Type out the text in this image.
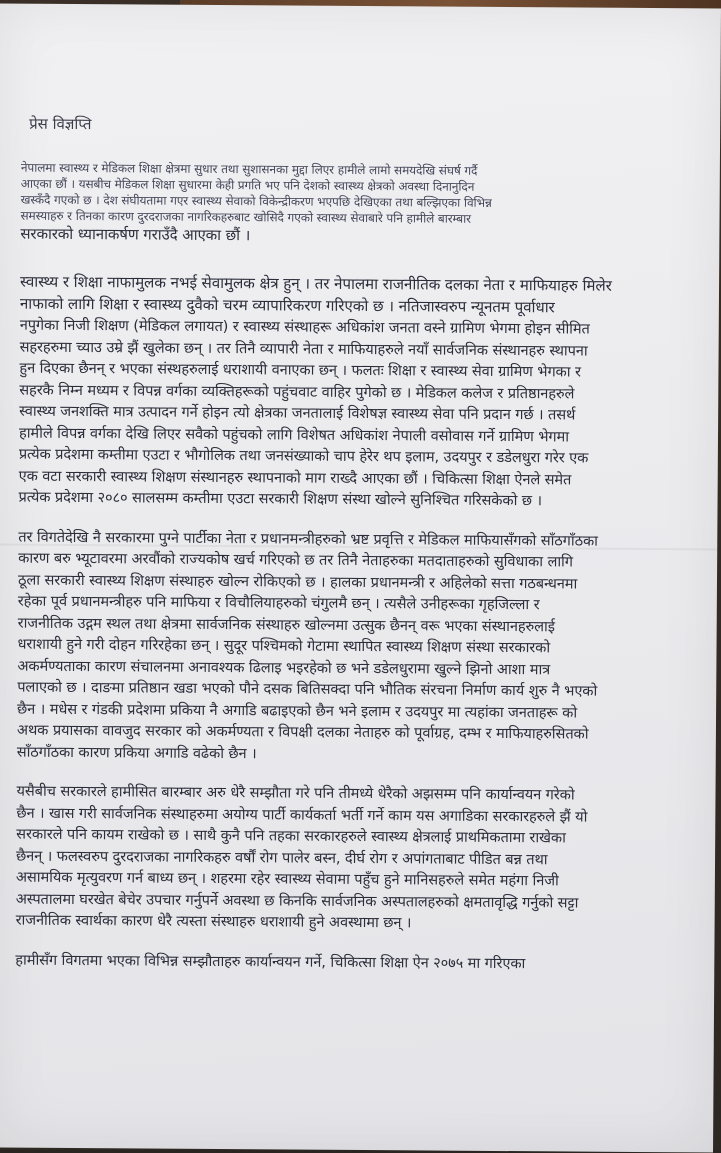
प्रेस विज्ञप्ति
नेपालमा स्वास्थ्य र मेडिकल शिक्षा क्षेत्रमा सुधार तथा सुशासनका मुद्दा लिएर हामीले लामो समयदेखि संघर्ष गर्दै
आएका छौं । यसबीच मेडिकल शिक्षा सुधारमा केही प्रगति भए पनि देशको स्वास्थ्य क्षेत्रको अवस्था दिनानुदिन
खस्कँदै गएको छ । देश संघीयतामा गएर स्वास्थ्य सेवाको विकेन्द्रीकरण भएपछि देखिएका तथा बल्झिएका विभिन्न
समस्याहरु र तिनका कारण दुरदराजका नागरिकहरुबाट खोसिदै गएको स्वास्थ्य सेवाबारे पनि हामीले बारम्बार
सरकारको ध्यानाकर्षण गराउँदै आएका छौं ।
स्वास्थ्य र शिक्षा नाफामुलक नभई सेवामुलक क्षेत्र हुन् । तर नेपालमा राजनीतिक दलका नेता र माफियाहरु मिलेर
नाफाको लागि शिक्षा र स्वास्थ्य दुवैको चरम व्यापारिकरण गरिएको छ । नतिजास्वरुप न्यूनतम पूर्वाधार
नपुगेका निजी शिक्षण (मेडिकल लगायत) र स्वास्थ्य संस्थाहरू अधिकांश जनता वस्ने ग्रामिण भेगमा होइन सीमित
सहरहरुमा च्याउ उम्रे झैं खुलेका छन् । तर तिनै व्यापारी नेता र माफियाहरुले नयाँ सार्वजनिक संस्थानहरु स्थापना
हुन दिएका छैनन् र भएका संस्थहरुलाई धराशायी वनाएका छन् । फलतः शिक्षा र स्वास्थ्य सेवा ग्रामिण भेगका र
सहरकै निम्न मध्यम र विपन्न वर्गका व्यक्तिहरूको पहुंचवाट वाहिर पुगेको छ । मेडिकल कलेज र प्रतिष्ठानहरुले
स्वास्थ्य जनशक्ति मात्र उत्पादन गर्ने होइन त्यो क्षेत्रका जनतालाई विशेषज्ञ स्वास्थ्य सेवा पनि प्रदान गर्छ । तसर्थ
हामीले विपन्न वर्गका देखि लिएर सवैको पहुंचको लागि विशेषत अधिकांश नेपाली वसोवास गर्ने ग्रामिण भेगमा
प्रत्येक प्रदेशमा कम्तीमा एउटा र भौगोलिक तथा जनसंख्याको चाप हेरेर थप इलाम, उदयपुर र डडेलधुरा गरेर एक
एक वटा सरकारी स्वास्थ्य शिक्षण संस्थानहरु स्थापनाको माग राख्दै आएका छौं । चिकित्सा शिक्षा ऐनले समेत
प्रत्येक प्रदेशमा २०८० सालसम्म कम्तीमा एउटा सरकारी शिक्षण संस्था खोल्ने सुनिश्चित गरिसकेको छ ।
तर विगतेदेखि नै सरकारमा पुग्ने पार्टीका नेता र प्रधानमन्त्रीहरुको भ्रष्ट प्रवृत्ति र मेडिकल माफियासँगको साँठगाँठका
कारण बरु भ्यूटावरमा अरवौंको राज्यकोष खर्च गरिएको छ तर तिनै नेताहरुका मतदाताहरुको सुविधाका लागि
ठूला सरकारी स्वास्थ्य शिक्षण संस्थाहरु खोल्न रोकिएको छ । हालका प्रधानमन्त्री र अहिलेको सत्ता गठबन्धनमा
रहेका पूर्व प्रधानमन्त्रीहरु पनि माफिया र विचौलियाहरुको चंगुलमै छन् । त्यसैले उनीहरूका गृहजिल्ला र
राजनीतिक उद्गम स्थल तथा क्षेत्रमा सार्वजनिक संस्थाहरु खोल्नमा उत्सुक छैनन् वरू भएका संस्थानहरुलाई
धराशायी हुने गरी दोहन गरिरहेका छन् । सुदूर पश्चिमको गेटामा स्थापित स्वास्थ्य शिक्षण संस्था सरकारको
अकर्मण्यताका कारण संचालनमा अनावश्यक ढिलाइ भइरहेको छ भने डडेलधुरामा खुल्ने झिनो आशा मात्र
पलाएको छ । दाङमा प्रतिष्ठान खडा भएको पौने दसक बितिसक्दा पनि भौतिक संरचना निर्माण कार्य शुरु नै भएको
छैन । मधेस र गंडकी प्रदेशमा प्रकिया नै अगाडि बढाइएको छैन भने इलाम र उदयपुर मा त्यहांका जनताहरू को
अथक प्रयासका वावजुद सरकार को अकर्मण्यता र विपक्षी दलका नेताहरु को पूर्वाग्रह, दम्भ र माफियाहरुसितको
साँठगाँठका कारण प्रकिया अगाडि वढेको छैन ।
यसैबीच सरकारले हामीसित बारम्बार अरु धेरै सम्झौता गरे पनि तीमध्ये धेरैको अझसम्म पनि कार्यान्वयन गरेको
छैन । खास गरी सार्वजनिक संस्थाहरुमा अयोग्य पार्टी कार्यकर्ता भर्ती गर्ने काम यस अगाडिका सरकारहरुले झैं यो
सरकारले पनि कायम राखेको छ । साथै कुनै पनि तहका सरकारहरुले स्वास्थ्य क्षेत्रलाई प्राथमिकतामा राखेका
छैनन् । फलस्वरुप दुरदराजका नागरिकहरु वर्षौं रोग पालेर बस्न, दीर्घ रोग र अपांगताबाट पीडित बन्न तथा
असामयिक मृत्युवरण गर्न बाध्य छन् । शहरमा रहेर स्वास्थ्य सेवामा पहुँच हुने मानिसहरुले समेत महंगा निजी
अस्पतालमा घरखेत बेचेर उपचार गर्नुपर्ने अवस्था छ किनकि सार्वजनिक अस्पतालहरुको क्षमतावृद्धि गर्नुको सट्टा
राजनीतिक स्वार्थका कारण धेरै त्यस्ता संस्थाहरु धराशायी हुने अवस्थामा छन् ।
हामीसँग विगतमा भएका विभिन्न सम्झौताहरु कार्यान्वयन गर्ने, चिकित्सा शिक्षा ऐन २०७५ मा गरिएका
